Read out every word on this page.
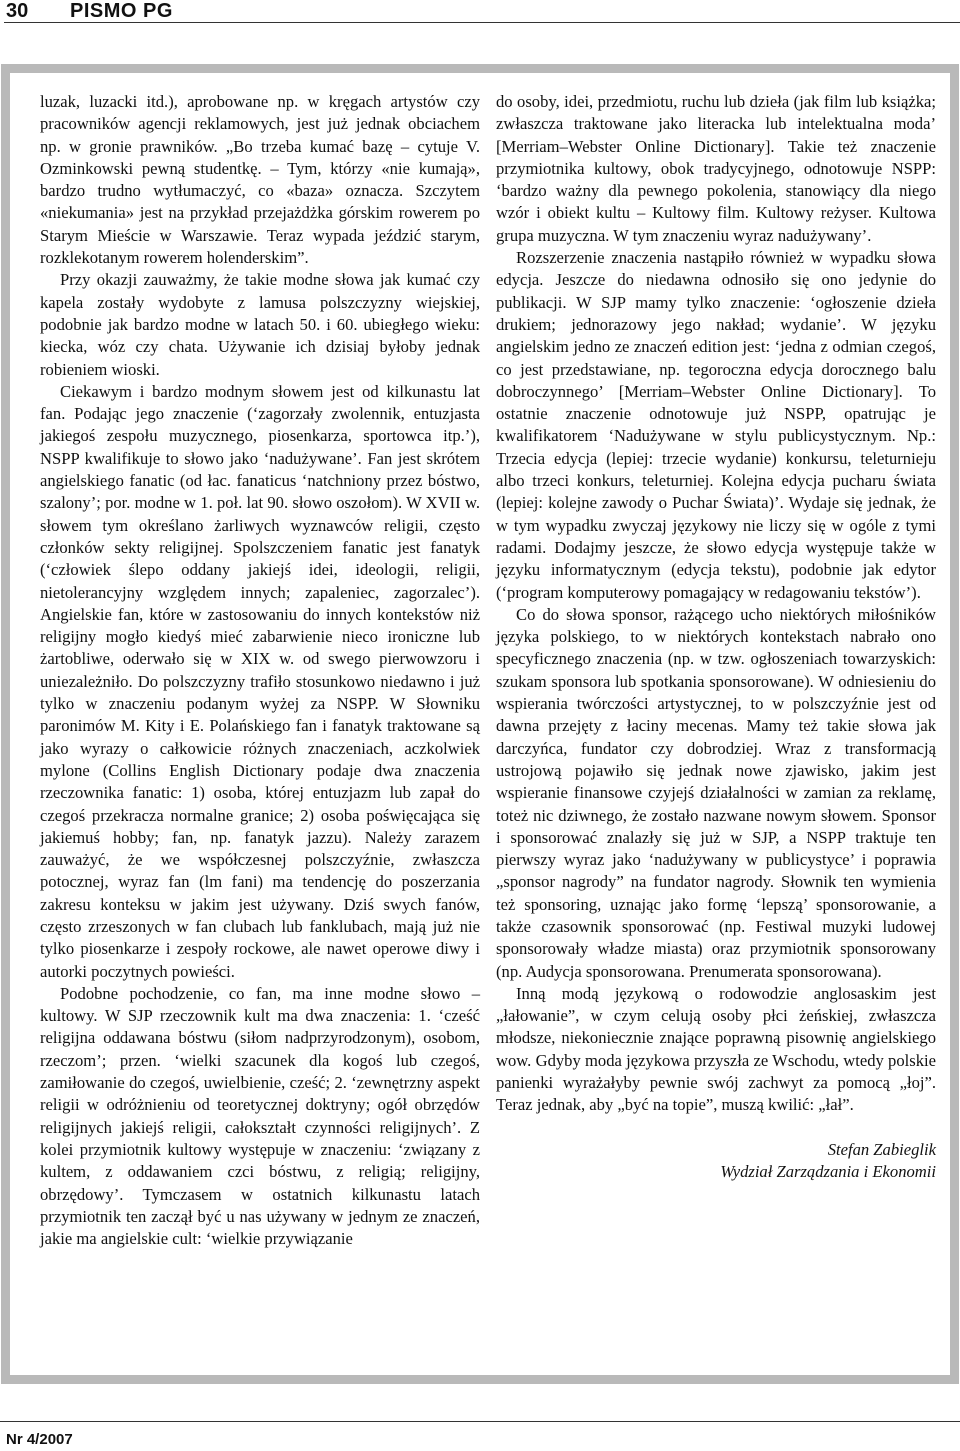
30 PISMO PG

luzak, luzacki itd.), aprobowane np. w kręgach artystów czy pracowników agencji reklamowych, jest już jednak obciachem np. w gronie prawników. „Bo trzeba kumać bazę – cytuje V. Ozminkowski pewną studentkę. – Tym, którzy «nie kumają», bardzo trudno wytłumaczyć, co «baza» oznacza. Szczytem «niekumania» jest na przykład przejażdżka górskim rowerem po Starym Mieście w Warszawie. Teraz wypada jeździć starym, rozklekotanym rowerem holenderskim”.

Przy okazji zauważmy, że takie modne słowa jak kumać czy kapela zostały wydobyte z lamusa polszczyzny wiejskiej, podobnie jak bardzo modne w latach 50. i 60. ubiegłego wieku: kiecka, wóz czy chata. Używanie ich dzisiaj byłoby jednak robieniem wioski.

Ciekawym i bardzo modnym słowem jest od kilkunastu lat fan. Podając jego znaczenie (‘zagorzały zwolennik, entuzjasta jakiegoś zespołu muzycznego, piosenkarza, sportowca itp.’), NSPP kwalifikuje to słowo jako ‘nadużywane’. Fan jest skrótem angielskiego fanatic (od łac. fanaticus ‘natchniony przez bóstwo, szalony’; por. modne w 1. poł. lat 90. słowo oszołom). W XVII w. słowem tym określano żarliwych wyznawców religii, często członków sekty religijnej. Spolszczeniem fanatic jest fanatyk (‘człowiek ślepo oddany jakiejś idei, ideologii, religii, nietolerancyjny względem innych; zapaleniec, zagorzalec’). Angielskie fan, które w zastosowaniu do innych kontekstów niż religijny mogło kiedyś mieć zabarwienie nieco ironiczne lub żartobliwe, oderwało się w XIX w. od swego pierwowzoru i uniezależniło. Do polszczyzny trafiło stosunkowo niedawno i już tylko w znaczeniu podanym wyżej za NSPP. W Słowniku paronimów M. Kity i E. Polańskiego fan i fanatyk traktowane są jako wyrazy o całkowicie różnych znaczeniach, aczkolwiek mylone (Collins English Dictionary podaje dwa znaczenia rzeczownika fanatic: 1) osoba, której entuzjazm lub zapał do czegoś przekracza normalne granice; 2) osoba poświęcająca się jakiemuś hobby; fan, np. fanatyk jazzu). Należy zarazem zauważyć, że we współczesnej polszczyźnie, zwłaszcza potocznej, wyraz fan (lm fani) ma tendencję do poszerzania zakresu konteksu w jakim jest używany. Dziś swych fanów, często zrzeszonych w fan clubach lub fanklubach, mają już nie tylko piosenkarze i zespoły rockowe, ale nawet operowe diwy i autorki poczytnych powieści.

Podobne pochodzenie, co fan, ma inne modne słowo – kultowy. W SJP rzeczownik kult ma dwa znaczenia: 1. ‘cześć religijna oddawana bóstwu (siłom nadprzyrodzonym), osobom, rzeczom’; przen. ‘wielki szacunek dla kogoś lub czegoś, zamiłowanie do czegoś, uwielbienie, cześć; 2. ‘zewnętrzny aspekt religii w odróżnieniu od teoretycznej doktryny; ogół obrzędów religijnych jakiejś religii, całokształt czynności religijnych’. Z kolei przymiotnik kultowy występuje w znaczeniu: ‘związany z kultem, z oddawaniem czci bóstwu, z religią; religijny, obrzędowy’. Tymczasem w ostatnich kilkunastu latach przymiotnik ten zaczął być u nas używany w jednym ze znaczeń, jakie ma angielskie cult: ‘wielkie przywiązanie

do osoby, idei, przedmiotu, ruchu lub dzieła (jak film lub książka; zwłaszcza traktowane jako literacka lub intelektualna moda’ [Merriam–Webster Online Dictionary]. Takie też znaczenie przymiotnika kultowy, obok tradycyjnego, odnotowuje NSPP: ‘bardzo ważny dla pewnego pokolenia, stanowiący dla niego wzór i obiekt kultu – Kultowy film. Kultowy reżyser. Kultowa grupa muzyczna. W tym znaczeniu wyraz nadużywany’.

Rozszerzenie znaczenia nastąpiło również w wypadku słowa edycja. Jeszcze do niedawna odnosiło się ono jedynie do publikacji. W SJP mamy tylko znaczenie: ‘ogłoszenie dzieła drukiem; jednorazowy jego nakład; wydanie’. W języku angielskim jedno ze znaczeń edition jest: ‘jedna z odmian czegoś, co jest przedstawiane, np. tegoroczna edycja dorocznego balu dobroczynnego’ [Merriam–Webster Online Dictionary]. To ostatnie znaczenie odnotowuje już NSPP, opatrując je kwalifikatorem ‘Nadużywane w stylu publicystycznym. Np.: Trzecia edycja (lepiej: trzecie wydanie) konkursu, teleturnieju albo trzeci konkurs, teleturniej. Kolejna edycja pucharu świata (lepiej: kolejne zawody o Puchar Świata)’. Wydaje się jednak, że w tym wypadku zwyczaj językowy nie liczy się w ogóle z tymi radami. Dodajmy jeszcze, że słowo edycja występuje także w języku informatycznym (edycja tekstu), podobnie jak edytor (‘program komputerowy pomagający w redagowaniu tekstów’).

Co do słowa sponsor, rażącego ucho niektórych miłośników języka polskiego, to w niektórych kontekstach nabrało ono specyficznego znaczenia (np. w tzw. ogłoszeniach towarzyskich: szukam sponsora lub spotkania sponsorowane). W odniesieniu do wspierania twórczości artystycznej, to w polszczyźnie jest od dawna przejęty z łaciny mecenas. Mamy też takie słowa jak darczyńca, fundator czy dobrodziej. Wraz z transformacją ustrojową pojawiło się jednak nowe zjawisko, jakim jest wspieranie finansowe czyjejś działalności w zamian za reklamę, toteż nic dziwnego, że zostało nazwane nowym słowem. Sponsor i sponsorować znalazły się już w SJP, a NSPP traktuje ten pierwszy wyraz jako ‘nadużywany w publicystyce’ i poprawia „sponsor nagrody” na fundator nagrody. Słownik ten wymienia też sponsoring, uznając jako formę ‘lepszą’ sponsorowanie, a także czasownik sponsorować (np. Festiwal muzyki ludowej sponsorowały władze miasta) oraz przymiotnik sponsorowany (np. Audycja sponsorowana. Prenumerata sponsorowana).

Inną modą językową o rodowodzie anglosaskim jest „łałowanie”, w czym celują osoby płci żeńskiej, zwłaszcza młodsze, niekoniecznie znające poprawną pisownię angielskiego wow. Gdyby moda językowa przyszła ze Wschodu, wtedy polskie panienki wyrażałyby pewnie swój zachwyt za pomocą „łoj”. Teraz jednak, aby „być na topie”, muszą kwilić: „łał”.

Stefan Zabieglik
Wydział Zarządzania i Ekonomii
Nr 4/2007
